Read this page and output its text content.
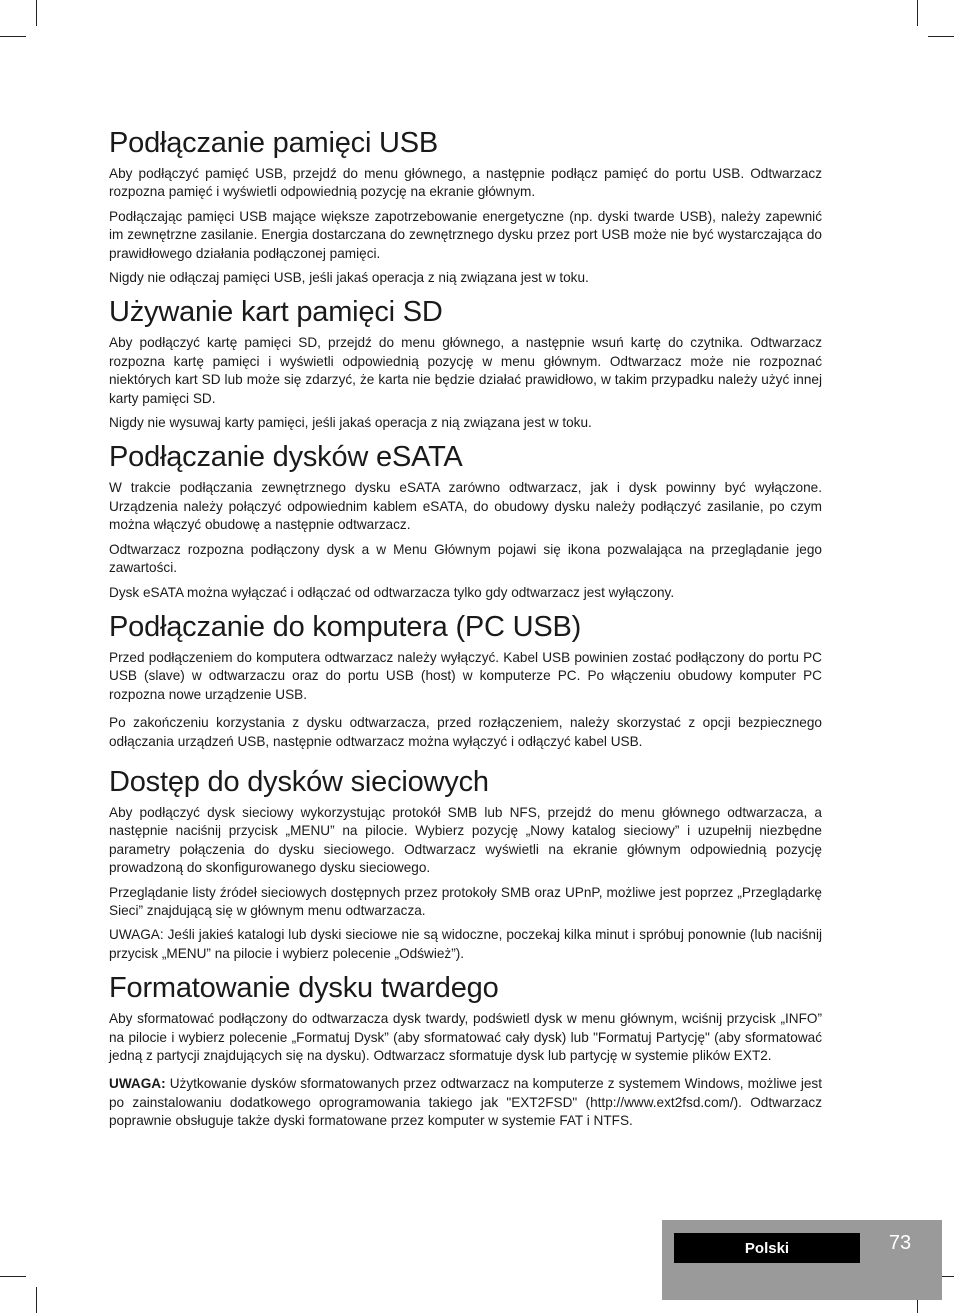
Podłączanie pamięci USB

Aby podłączyć pamięć USB, przejdź do menu głównego, a następnie podłącz pamięć do portu USB. Odtwarzacz rozpozna pamięć i wyświetli odpowiednią pozycję na ekranie głównym.

Podłączając pamięci USB mające większe zapotrzebowanie energetyczne (np. dyski twarde USB), należy zapewnić im zewnętrzne zasilanie. Energia dostarczana do zewnętrznego dysku przez port USB może nie być wystarczająca do prawidłowego działania podłączonej pamięci.

Nigdy nie odłączaj pamięci USB, jeśli jakaś operacja z nią związana jest w toku.

Używanie kart pamięci SD

Aby podłączyć kartę pamięci SD, przejdź do menu głównego, a następnie wsuń kartę do czytnika. Odtwarzacz rozpozna kartę pamięci i wyświetli odpowiednią pozycję w menu głównym. Odtwarzacz może nie rozpoznać niektórych kart SD lub może się zdarzyć, że karta nie będzie działać prawidłowo, w takim przypadku należy użyć innej karty pamięci SD.

Nigdy nie wysuwaj karty pamięci, jeśli jakaś operacja z nią związana jest w toku.

Podłączanie dysków eSATA

W trakcie podłączania zewnętrznego dysku eSATA zarówno odtwarzacz, jak i dysk powinny być wyłączone. Urządzenia należy połączyć odpowiednim kablem eSATA, do obudowy dysku należy podłączyć zasilanie, po czym można włączyć obudowę a następnie odtwarzacz.

Odtwarzacz rozpozna podłączony dysk a w Menu Głównym pojawi się ikona pozwalająca na przeglądanie jego zawartości.

Dysk eSATA można wyłączać i odłączać od odtwarzacza tylko gdy odtwarzacz jest wyłączony.

Podłączanie do komputera (PC USB)

Przed podłączeniem do komputera odtwarzacz należy wyłączyć. Kabel USB powinien zostać podłączony do portu PC USB (slave) w odtwarzaczu oraz do portu USB (host) w komputerze PC. Po włączeniu obudowy komputer PC rozpozna nowe urządzenie USB.

Po zakończeniu korzystania z dysku odtwarzacza, przed rozłączeniem, należy skorzystać z opcji bezpiecznego odłączania urządzeń USB, następnie odtwarzacz można wyłączyć i odłączyć kabel USB.

Dostęp do dysków sieciowych

Aby podłączyć dysk sieciowy wykorzystując protokół SMB lub NFS, przejdź do menu głównego odtwarzacza, a następnie naciśnij przycisk „MENU” na pilocie. Wybierz pozycję „Nowy katalog sieciowy” i uzupełnij niezbędne parametry połączenia do dysku sieciowego. Odtwarzacz wyświetli na ekranie głównym odpowiednią pozycję prowadzoną do skonfigurowanego dysku sieciowego.

Przeglądanie listy źródeł sieciowych dostępnych przez protokoły SMB oraz UPnP, możliwe jest poprzez „Przeglądarkę Sieci” znajdującą się w głównym menu odtwarzacza.

UWAGA: Jeśli jakieś katalogi lub dyski sieciowe nie są widoczne, poczekaj kilka minut i spróbuj ponownie (lub naciśnij przycisk „MENU” na pilocie i wybierz polecenie „Odśwież”).

Formatowanie dysku twardego

Aby sformatować podłączony do odtwarzacza dysk twardy, podświetl dysk w menu głównym, wciśnij przycisk „INFO” na pilocie i wybierz polecenie „Formatuj Dysk” (aby sformatować cały dysk) lub "Formatuj Partycję" (aby sformatować jedną z partycji znajdujących się na dysku). Odtwarzacz sformatuje dysk lub partycję w systemie plików EXT2.

UWAGA: Użytkowanie dysków sformatowanych przez odtwarzacz na komputerze z systemem Windows, możliwe jest po zainstalowaniu dodatkowego oprogramowania takiego jak "EXT2FSD" (http://www.ext2fsd.com/). Odtwarzacz poprawnie obsługuje także dyski formatowane przez komputer w systemie FAT i NTFS.

Polski	73
